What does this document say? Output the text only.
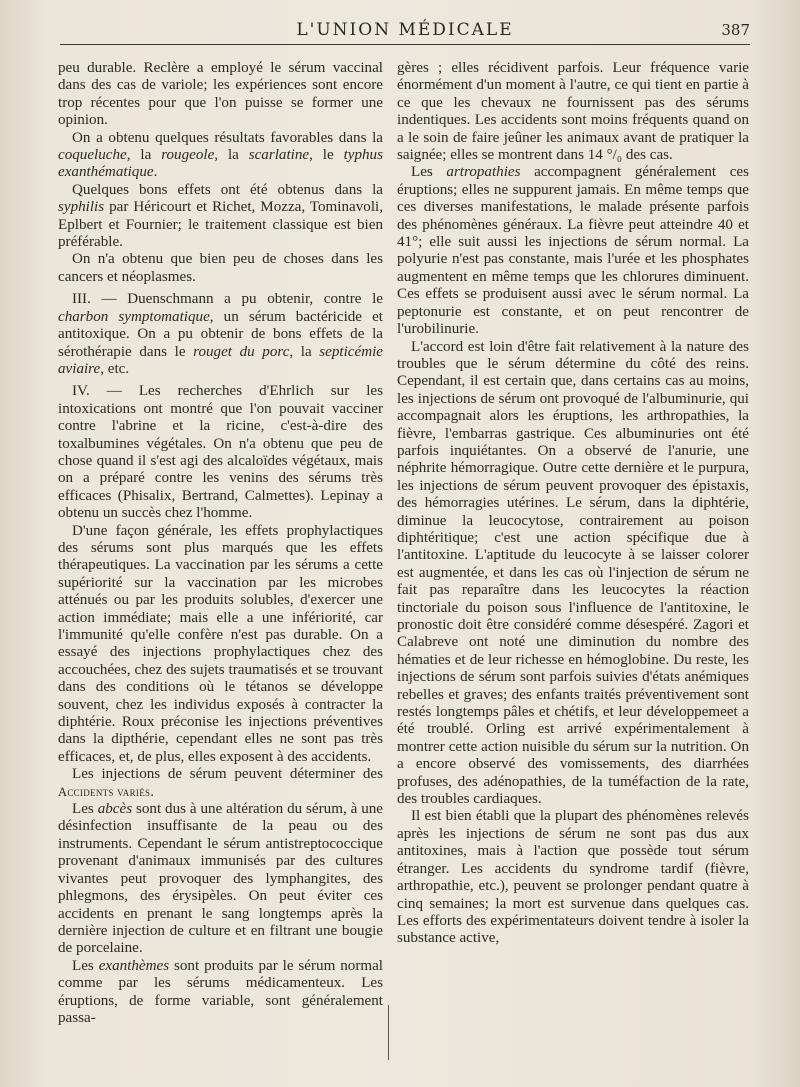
L'UNION MÉDICALE	387

peu durable. Reclère a employé le sérum vaccinal dans des cas de variole; les expériences sont encore trop récentes pour que l'on puisse se former une opinion.

On a obtenu quelques résultats favorables dans la coqueluche, la rougeole, la scarlatine, le typhus exanthématique.

Quelques bons effets ont été obtenus dans la syphilis par Héricourt et Richet, Mozza, Tominavoli, Eplbert et Fournier; le traitement classique est bien préférable.

On n'a obtenu que bien peu de choses dans les cancers et néoplasmes.

III. — Duenschmann a pu obtenir, contre le charbon symptomatique, un sérum bactéricide et antitoxique. On a pu obtenir de bons effets de la sérothérapie dans le rouget du porc, la septicémie aviaire, etc.

IV. — Les recherches d'Ehrlich sur les intoxications ont montré que l'on pouvait vacciner contre l'abrine et la ricine, c'est-à-dire des toxalbumines végétales. On n'a obtenu que peu de chose quand il s'est agi des alcaloïdes végétaux, mais on a préparé contre les venins des sérums très efficaces (Phisalix, Bertrand, Calmettes). Lepinay a obtenu un succès chez l'homme.

D'une façon générale, les effets prophylactiques des sérums sont plus marqués que les effets thérapeutiques. La vaccination par les sérums a cette supériorité sur la vaccination par les microbes atténués ou par les produits solubles, d'exercer une action immédiate; mais elle a une infériorité, car l'immunité qu'elle confère n'est pas durable. On a essayé des injections prophylactiques chez des accouchées, chez des sujets traumatisés et se trouvant dans des conditions où le tétanos se développe souvent, chez les individus exposés à contracter la diphtérie. Roux préconise les injections préventives dans la dipthérie, cependant elles ne sont pas très efficaces, et, de plus, elles exposent à des accidents.

Les injections de sérum peuvent déterminer des Accidents variés.

Les abcès sont dus à une altération du sérum, à une désinfection insuffisante de la peau ou des instruments. Cependant le sérum antistreptococcique provenant d'animaux immunisés par des cultures vivantes peut provoquer des lymphangites, des phlegmons, des érysipèles. On peut éviter ces accidents en prenant le sang longtemps après la dernière injection de culture et en filtrant une bougie de porcelaine.

Les exanthèmes sont produits par le sérum normal comme par les sérums médicamenteux. Les éruptions, de forme variable, sont généralement passa-

gères ; elles récidivent parfois. Leur fréquence varie énormément d'un moment à l'autre, ce qui tient en partie à ce que les chevaux ne fournissent pas des sérums indentiques. Les accidents sont moins fréquents quand on a le soin de faire jeûner les animaux avant de pratiquer la saignée; elles se montrent dans 14 °/₀ des cas.

Les artropathies accompagnent généralement ces éruptions; elles ne suppurent jamais. En même temps que ces diverses manifestations, le malade présente parfois des phénomènes généraux. La fièvre peut atteindre 40 et 41°; elle suit aussi les injections de sérum normal. La polyurie n'est pas constante, mais l'urée et les phosphates augmentent en même temps que les chlorures diminuent. Ces effets se produisent aussi avec le sérum normal. La peptonurie est constante, et on peut rencontrer de l'urobilinurie.

L'accord est loin d'être fait relativement à la nature des troubles que le sérum détermine du côté des reins. Cependant, il est certain que, dans certains cas au moins, les injections de sérum ont provoqué de l'albuminurie, qui accompagnait alors les éruptions, les arthropathies, la fièvre, l'embarras gastrique. Ces albuminuries ont été parfois inquiétantes. On a observé de l'anurie, une néphrite hémorragique. Outre cette dernière et le purpura, les injections de sérum peuvent provoquer des épistaxis, des hémorragies utérines. Le sérum, dans la diphtérie, diminue la leucocytose, contrairement au poison diphtéritique; c'est une action spécifique due à l'antitoxine. L'aptitude du leucocyte à se laisser colorer est augmentée, et dans les cas où l'injection de sérum ne fait pas reparaître dans les leucocytes la réaction tinctoriale du poison sous l'influence de l'antitoxine, le pronostic doit être considéré comme désespéré. Zagori et Calabreve ont noté une diminution du nombre des hématies et de leur richesse en hémoglobine. Du reste, les injections de sérum sont parfois suivies d'états anémiques rebelles et graves; des enfants traités préventivement sont restés longtemps pâles et chétifs, et leur développemeet a été troublé. Orling est arrivé expérimentalement à montrer cette action nuisible du sérum sur la nutrition. On a encore observé des vomissements, des diarrhées profuses, des adénopathies, de la tuméfaction de la rate, des troubles cardiaques.

Il est bien établi que la plupart des phénomènes relevés après les injections de sérum ne sont pas dus aux antitoxines, mais à l'action que possède tout sérum étranger. Les accidents du syndrome tardif (fièvre, arthropathie, etc.), peuvent se prolonger pendant quatre à cinq semaines; la mort est survenue dans quelques cas. Les efforts des expérimentateurs doivent tendre à isoler la substance active,
